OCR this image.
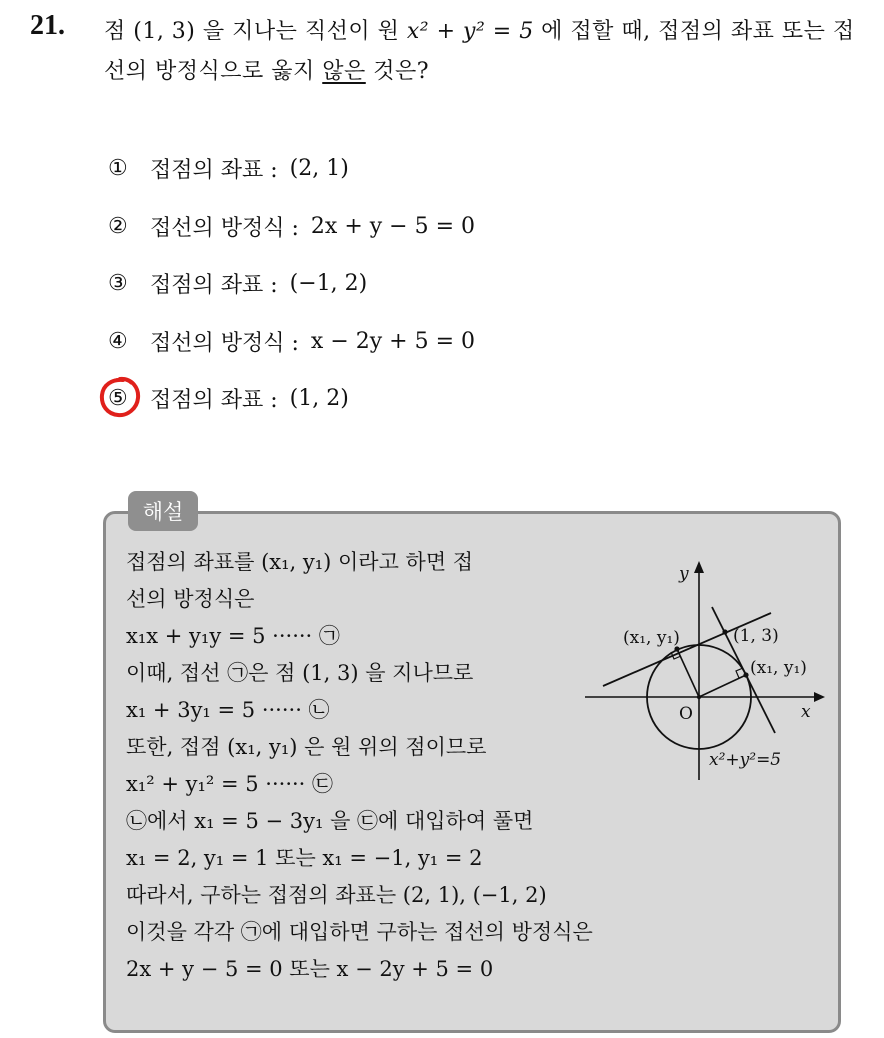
21. 점 (1, 3) 을 지나는 직선이 원 x² + y² = 5 에 접할 때, 접점의 좌표 또는 접선의 방정식으로 옳지 않은 것은?
①	접점의 좌표 : (2, 1)
②	접선의 방정식 : 2x + y − 5 = 0
③	접점의 좌표 : (−1, 2)
④	접선의 방정식 : x − 2y + 5 = 0
⑤	접점의 좌표 : (1, 2)
해설
접점의 좌표를 (x₁, y₁) 이라고 하면 접
선의 방정식은
x₁x + y₁y = 5 ······ ㉠
이때, 접선 ㉠은 점 (1, 3) 을 지나므로
x₁ + 3y₁ = 5 ······ ㉡
또한, 접점 (x₁, y₁) 은 원 위의 점이므로
x₁² + y₁² = 5 ······ ㉢
㉡에서 x₁ = 5 − 3y₁ 을 ㉢에 대입하여 풀면
x₁ = 2, y₁ = 1 또는 x₁ = −1, y₁ = 2
따라서, 구하는 접점의 좌표는 (2, 1), (−1, 2)
이것을 각각 ㉠에 대입하면 구하는 접선의 방정식은
2x + y − 5 = 0 또는 x − 2y + 5 = 0
y
x
O
(x₁, y₁)	(1, 3)
(x₁, y₁)
x²+y²=5
